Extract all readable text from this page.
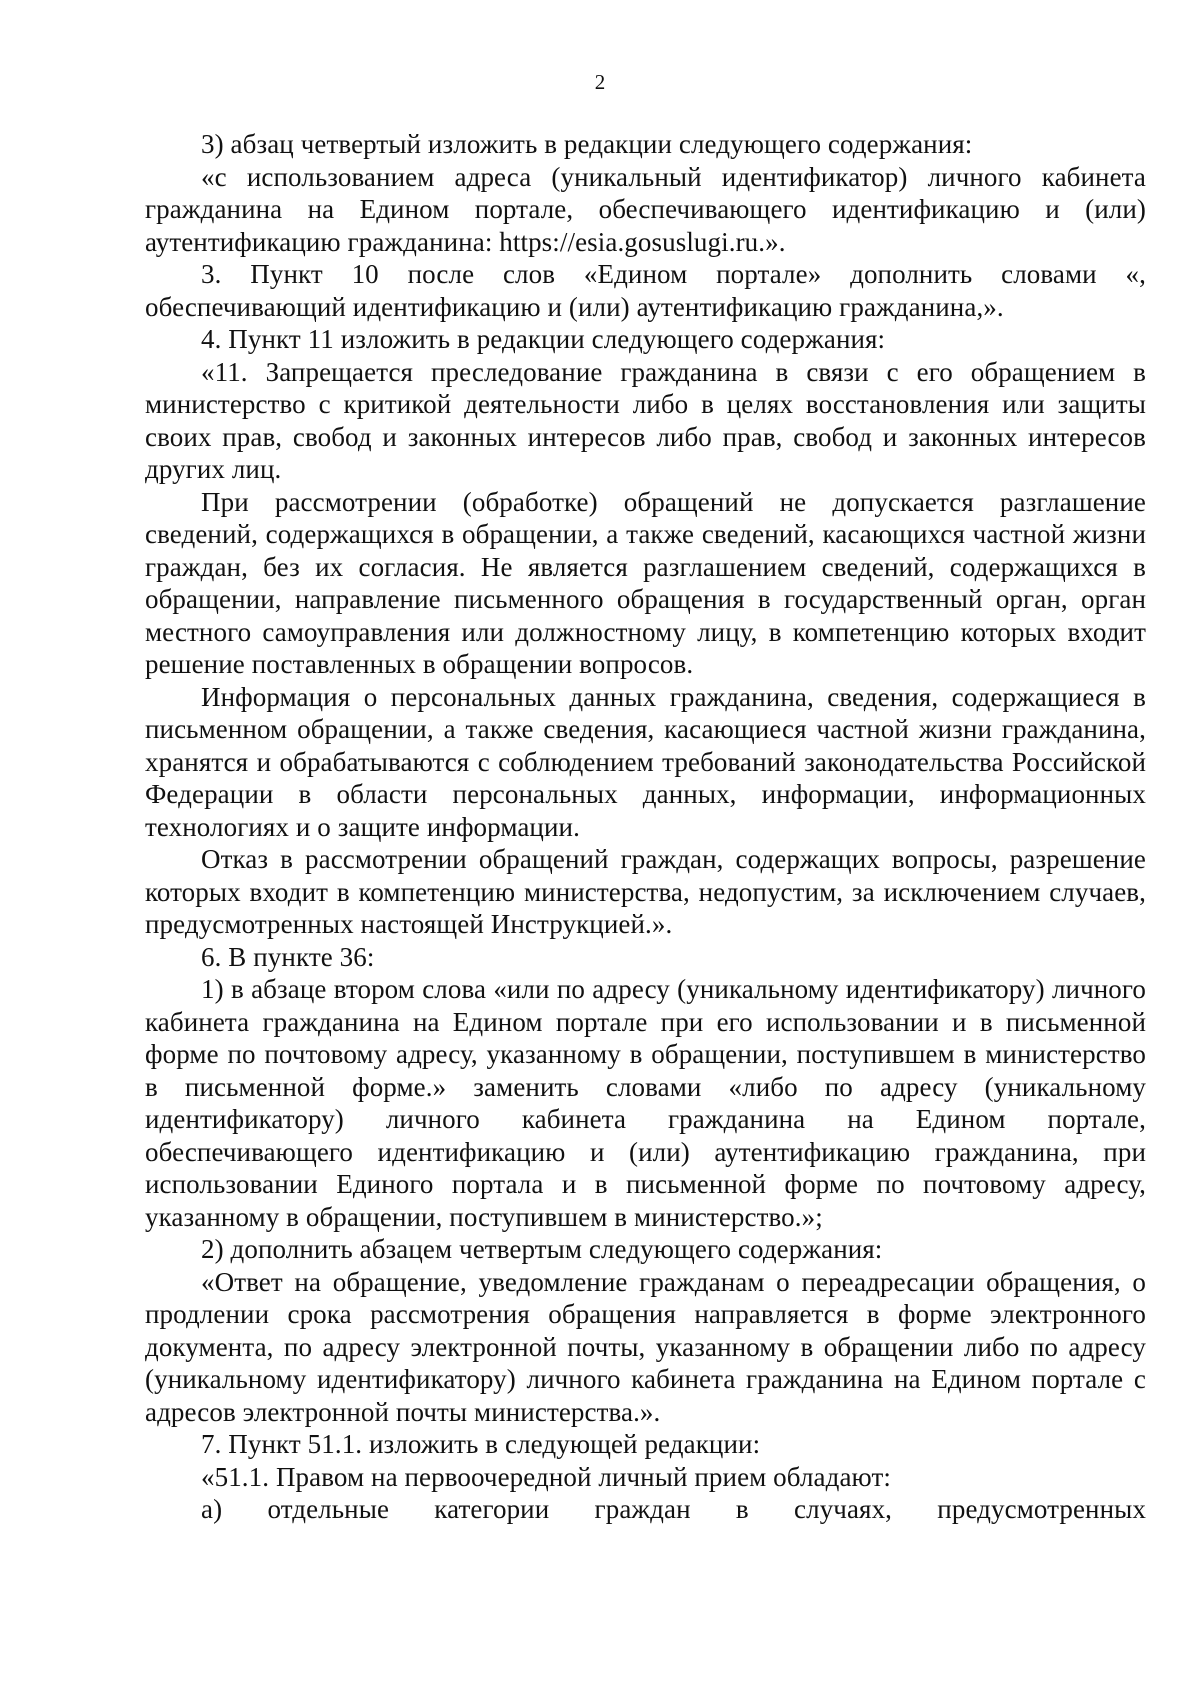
2

3) абзац четвертый изложить в редакции следующего содержания:

«с использованием адреса (уникальный идентификатор) личного кабинета гражданина на Едином портале, обеспечивающего идентификацию и (или) аутентификацию гражданина: https://esia.gosuslugi.ru.».

3. Пункт 10 после слов «Едином портале» дополнить словами «, обеспечивающий идентификацию и (или) аутентификацию гражданина,».

4. Пункт 11 изложить в редакции следующего содержания:

«11. Запрещается преследование гражданина в связи с его обращением в министерство с критикой деятельности либо в целях восстановления или защиты своих прав, свобод и законных интересов либо прав, свобод и законных интересов других лиц.

При рассмотрении (обработке) обращений не допускается разглашение сведений, содержащихся в обращении, а также сведений, касающихся частной жизни граждан, без их согласия. Не является разглашением сведений, содержащихся в обращении, направление письменного обращения в государственный орган, орган местного самоуправления или должностному лицу, в компетенцию которых входит решение поставленных в обращении вопросов.

Информация о персональных данных гражданина, сведения, содержащиеся в письменном обращении, а также сведения, касающиеся частной жизни гражданина, хранятся и обрабатываются с соблюдением требований законодательства Российской Федерации в области персональных данных, информации, информационных технологиях и о защите информации.

Отказ в рассмотрении обращений граждан, содержащих вопросы, разрешение которых входит в компетенцию министерства, недопустим, за исключением случаев, предусмотренных настоящей Инструкцией.».

6. В пункте 36:

1) в абзаце втором слова «или по адресу (уникальному идентификатору) личного кабинета гражданина на Едином портале при его использовании и в письменной форме по почтовому адресу, указанному в обращении, поступившем в министерство в письменной форме.» заменить словами «либо по адресу (уникальному идентификатору) личного кабинета гражданина на Едином портале, обеспечивающего идентификацию и (или) аутентификацию гражданина, при использовании Единого портала и в письменной форме по почтовому адресу, указанному в обращении, поступившем в министерство.»;

2) дополнить абзацем четвертым следующего содержания:

«Ответ на обращение, уведомление гражданам о переадресации обращения, о продлении срока рассмотрения обращения направляется в форме электронного документа, по адресу электронной почты, указанному в обращении либо по адресу (уникальному идентификатору) личного кабинета гражданина на Едином портале с адресов электронной почты министерства.».

7. Пункт 51.1. изложить в следующей редакции:

«51.1. Правом на первоочередной личный прием обладают:

а) отдельные категории граждан в случаях, предусмотренных
